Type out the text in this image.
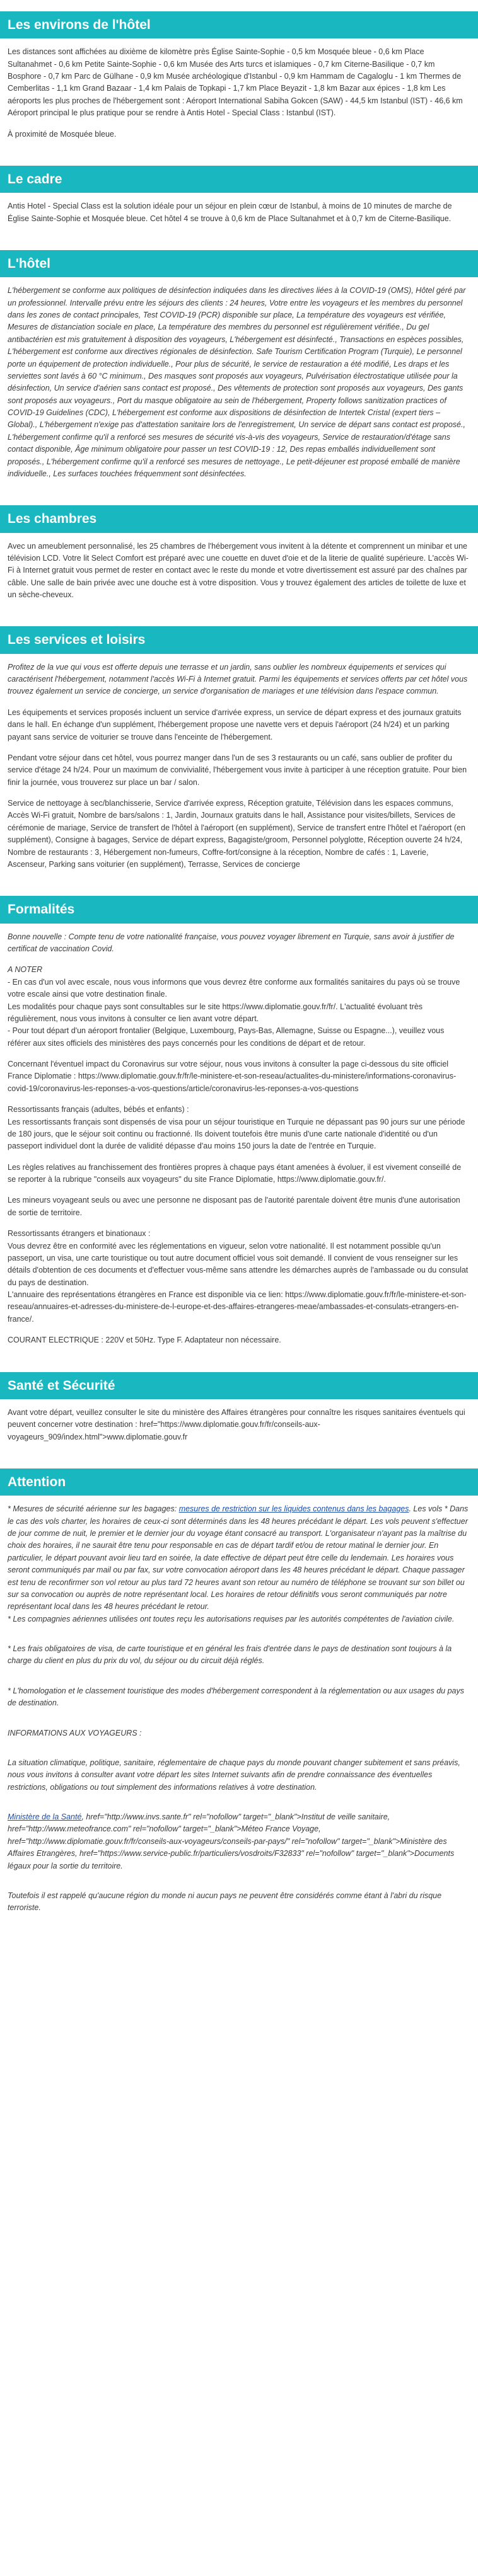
Les environs de l'hôtel

Les distances sont affichées au dixième de kilomètre près Église Sainte-Sophie - 0,5 km Mosquée bleue - 0,6 km Place Sultanahmet - 0,6 km Petite Sainte-Sophie - 0,6 km Musée des Arts turcs et islamiques - 0,7 km Citerne-Basilique - 0,7 km Bosphore - 0,7 km Parc de Gülhane - 0,9 km Musée archéologique d'Istanbul - 0,9 km Hammam de Cagaloglu - 1 km Thermes de Cemberlitas - 1,1 km Grand Bazaar - 1,4 km Palais de Topkapi - 1,7 km Place Beyazit - 1,8 km Bazar aux épices - 1,8 km Les aéroports les plus proches de l'hébergement sont : Aéroport International Sabiha Gokcen (SAW) - 44,5 km Istanbul (IST) - 46,6 km Aéroport principal le plus pratique pour se rendre à Antis Hotel - Special Class : Istanbul (IST).

À proximité de Mosquée bleue.

Le cadre

Antis Hotel - Special Class est la solution idéale pour un séjour en plein cœur de Istanbul, à moins de 10 minutes de marche de Église Sainte-Sophie et Mosquée bleue. Cet hôtel 4 se trouve à 0,6 km de Place Sultanahmet et à 0,7 km de Citerne-Basilique.

L'hôtel

L'hébergement se conforme aux politiques de désinfection indiquées dans les directives liées à la COVID-19 (OMS), Hôtel géré par un professionnel. Intervalle prévu entre les séjours des clients : 24 heures, Votre entre les voyageurs et les membres du personnel dans les zones de contact principales, Test COVID-19 (PCR) disponible sur place, La température des voyageurs est vérifiée, Mesures de distanciation sociale en place, La température des membres du personnel est régulièrement vérifiée., Du gel antibactérien est mis gratuitement à disposition des voyageurs, L'hébergement est désinfecté., Transactions en espèces possibles, L'hébergement est conforme aux directives régionales de désinfection. Safe Tourism Certification Program (Turquie), Le personnel porte un équipement de protection individuelle., Pour plus de sécurité, le service de restauration a été modifié, Les draps et les serviettes sont lavés à 60 °C minimum., Des masques sont proposés aux voyageurs, Pulvérisation électrostatique utilisée pour la désinfection, Un service d'aérien sans contact est proposé., Des vêtements de protection sont proposés aux voyageurs, Des gants sont proposés aux voyageurs., Port du masque obligatoire au sein de l'hébergement, Property follows sanitization practices of COVID-19 Guidelines (CDC), L'hébergement est conforme aux dispositions de désinfection de Intertek Cristal (expert tiers – Global)., L'hébergement n'exige pas d'attestation sanitaire lors de l'enregistrement, Un service de départ sans contact est proposé., L'hébergement confirme qu'il a renforcé ses mesures de sécurité vis-à-vis des voyageurs, Service de restauration/d'étage sans contact disponible, Âge minimum obligatoire pour passer un test COVID-19 : 12, Des repas emballés individuellement sont proposés., L'hébergement confirme qu'il a renforcé ses mesures de nettoyage., Le petit-déjeuner est proposé emballé de manière individuelle., Les surfaces touchées fréquemment sont désinfectées.

Les chambres

Avec un ameublement personnalisé, les 25 chambres de l'hébergement vous invitent à la détente et comprennent un minibar et une télévision LCD. Votre lit Select Comfort est préparé avec une couette en duvet d'oie et de la literie de qualité supérieure. L'accès Wi-Fi à Internet gratuit vous permet de rester en contact avec le reste du monde et votre divertissement est assuré par des chaînes par câble. Une salle de bain privée avec une douche est à votre disposition. Vous y trouvez également des articles de toilette de luxe et un sèche-cheveux.

Les services et loisirs

Profitez de la vue qui vous est offerte depuis une terrasse et un jardin, sans oublier les nombreux équipements et services qui caractérisent l'hébergement, notamment l'accès Wi-Fi à Internet gratuit. Parmi les équipements et services offerts par cet hôtel vous trouvez également un service de concierge, un service d'organisation de mariages et une télévision dans l'espace commun.

Les équipements et services proposés incluent un service d'arrivée express, un service de départ express et des journaux gratuits dans le hall. En échange d'un supplément, l'hébergement propose une navette vers et depuis l'aéroport (24 h/24) et un parking payant sans service de voiturier se trouve dans l'enceinte de l'hébergement.

Pendant votre séjour dans cet hôtel, vous pourrez manger dans l'un de ses 3 restaurants ou un café, sans oublier de profiter du service d'étage 24 h/24. Pour un maximum de convivialité, l'hébergement vous invite à participer à une réception gratuite. Pour bien finir la journée, vous trouverez sur place un bar / salon.

Service de nettoyage à sec/blanchisserie, Service d'arrivée express, Réception gratuite, Télévision dans les espaces communs, Accès Wi-Fi gratuit, Nombre de bars/salons : 1, Jardin, Journaux gratuits dans le hall, Assistance pour visites/billets, Services de cérémonie de mariage, Service de transfert de l'hôtel à l'aéroport (en supplément), Service de transfert entre l'hôtel et l'aéroport (en supplément), Consigne à bagages, Service de départ express, Bagagiste/groom, Personnel polyglotte, Réception ouverte 24 h/24, Nombre de restaurants : 3, Hébergement non-fumeurs, Coffre-fort/consigne à la réception, Nombre de cafés : 1, Laverie, Ascenseur, Parking sans voiturier (en supplément), Terrasse, Services de concierge

Formalités

Bonne nouvelle : Compte tenu de votre nationalité française, vous pouvez voyager librement en Turquie, sans avoir à justifier de certificat de vaccination Covid.

A NOTER

- En cas d'un vol avec escale, nous vous informons que vous devrez être conforme aux formalités sanitaires du pays où se trouve votre escale ainsi que votre destination finale.

Les modalités pour chaque pays sont consultables sur le site https://www.diplomatie.gouv.fr/fr/. L'actualité évoluant très régulièrement, nous vous invitons à consulter ce lien avant votre départ.

- Pour tout départ d'un aéroport frontalier (Belgique, Luxembourg, Pays-Bas, Allemagne, Suisse ou Espagne...), veuillez vous référer aux sites officiels des ministères des pays concernés pour les conditions de départ et de retour.

Concernant l'éventuel impact du Coronavirus sur votre séjour, nous vous invitons à consulter la page ci-dessous du site officiel France Diplomatie : https://www.diplomatie.gouv.fr/fr/le-ministere-et-son-reseau/actualites-du-ministere/informations-coronavirus-covid-19/coronavirus-les-reponses-a-vos-questions/article/coronavirus-les-reponses-a-vos-questions

Ressortissants français (adultes, bébés et enfants) :

Les ressortissants français sont dispensés de visa pour un séjour touristique en Turquie ne dépassant pas 90 jours sur une période de 180 jours, que le séjour soit continu ou fractionné. Ils doivent toutefois être munis d'une carte nationale d'identité ou d'un passeport individuel dont la durée de validité dépasse d'au moins 150 jours la date de l'entrée en Turquie.

Les règles relatives au franchissement des frontières propres à chaque pays étant amenées à évoluer, il est vivement conseillé de se reporter à la rubrique "conseils aux voyageurs" du site France Diplomatie, https://www.diplomatie.gouv.fr/.

Les mineurs voyageant seuls ou avec une personne ne disposant pas de l'autorité parentale doivent être munis d'une autorisation de sortie de territoire.

Ressortissants étrangers et binationaux :

Vous devrez être en conformité avec les réglementations en vigueur, selon votre nationalité. Il est notamment possible qu'un passeport, un visa, une carte touristique ou tout autre document officiel vous soit demandé. Il convient de vous renseigner sur les détails d'obtention de ces documents et d'effectuer vous-même sans attendre les démarches auprès de l'ambassade ou du consulat du pays de destination.

L'annuaire des représentations étrangères en France est disponible via ce lien: https://www.diplomatie.gouv.fr/fr/le-ministere-et-son-reseau/annuaires-et-adresses-du-ministere-de-l-europe-et-des-affaires-etrangeres-meae/ambassades-et-consulats-etrangers-en-france/.

COURANT ELECTRIQUE : 220V et 50Hz. Type F. Adaptateur non nécessaire.

Santé et Sécurité

Avant votre départ, veuillez consulter le site du ministère des Affaires étrangères pour connaître les risques sanitaires éventuels qui peuvent concerner votre destination : href="https://www.diplomatie.gouv.fr/fr/conseils-aux-voyageurs_909/index.html">www.diplomatie.gouv.fr

Attention

* Mesures de sécurité aérienne sur les bagages: mesures de restriction sur les liquides contenus dans les bagages. Les vols * Dans le cas des vols charter, les horaires de ceux-ci sont déterminés dans les 48 heures précédant le départ. Les vols peuvent s'effectuer de jour comme de nuit, le premier et le dernier jour du voyage étant consacré au transport. L'organisateur n'ayant pas la maîtrise du choix des horaires, il ne saurait être tenu pour responsable en cas de départ tardif et/ou de retour matinal le dernier jour. En particulier, le départ pouvant avoir lieu tard en soirée, la date effective de départ peut être celle du lendemain. Les horaires vous seront communiqués par mail ou par fax, sur votre convocation aéroport dans les 48 heures précédant le départ. Chaque passager est tenu de reconfirmer son vol retour au plus tard 72 heures avant son retour au numéro de téléphone se trouvant sur son billet ou sur sa convocation ou auprès de notre représentant local. Les horaires de retour définitifs vous seront communiqués par notre représentant local dans les 48 heures précédant le retour.

* Les compagnies aériennes utilisées ont toutes reçu les autorisations requises par les autorités compétentes de l'aviation civile.

* Les frais obligatoires de visa, de carte touristique et en général les frais d'entrée dans le pays de destination sont toujours à la charge du client en plus du prix du vol, du séjour ou du circuit déjà réglés.

* L'homologation et le classement touristique des modes d'hébergement correspondent à la réglementation ou aux usages du pays de destination.

INFORMATIONS AUX VOYAGEURS :

La situation climatique, politique, sanitaire, réglementaire de chaque pays du monde pouvant changer subitement et sans préavis,

nous vous invitons à consulter avant votre départ les sites Internet suivants afin de prendre connaissance des éventuelles restrictions, obligations ou tout simplement des informations relatives à votre destination.

Ministère de la Santé, href="http://www.invs.sante.fr" rel="nofollow" target="_blank">Institut de veille sanitaire, href="http://www.meteofrance.com" rel="nofollow" target="_blank">Méteo France Voyage, href="http://www.diplomatie.gouv.fr/fr/conseils-aux-voyageurs/conseils-par-pays/" rel="nofollow" target="_blank">Ministère des Affaires Etrangères, href="https://www.service-public.fr/particuliers/vosdroits/F32833" rel="nofollow" target="_blank">Documents légaux pour la sortie du territoire.

Toutefois il est rappelé qu'aucune région du monde ni aucun pays ne peuvent être considérés comme étant à l'abri du risque terroriste.
